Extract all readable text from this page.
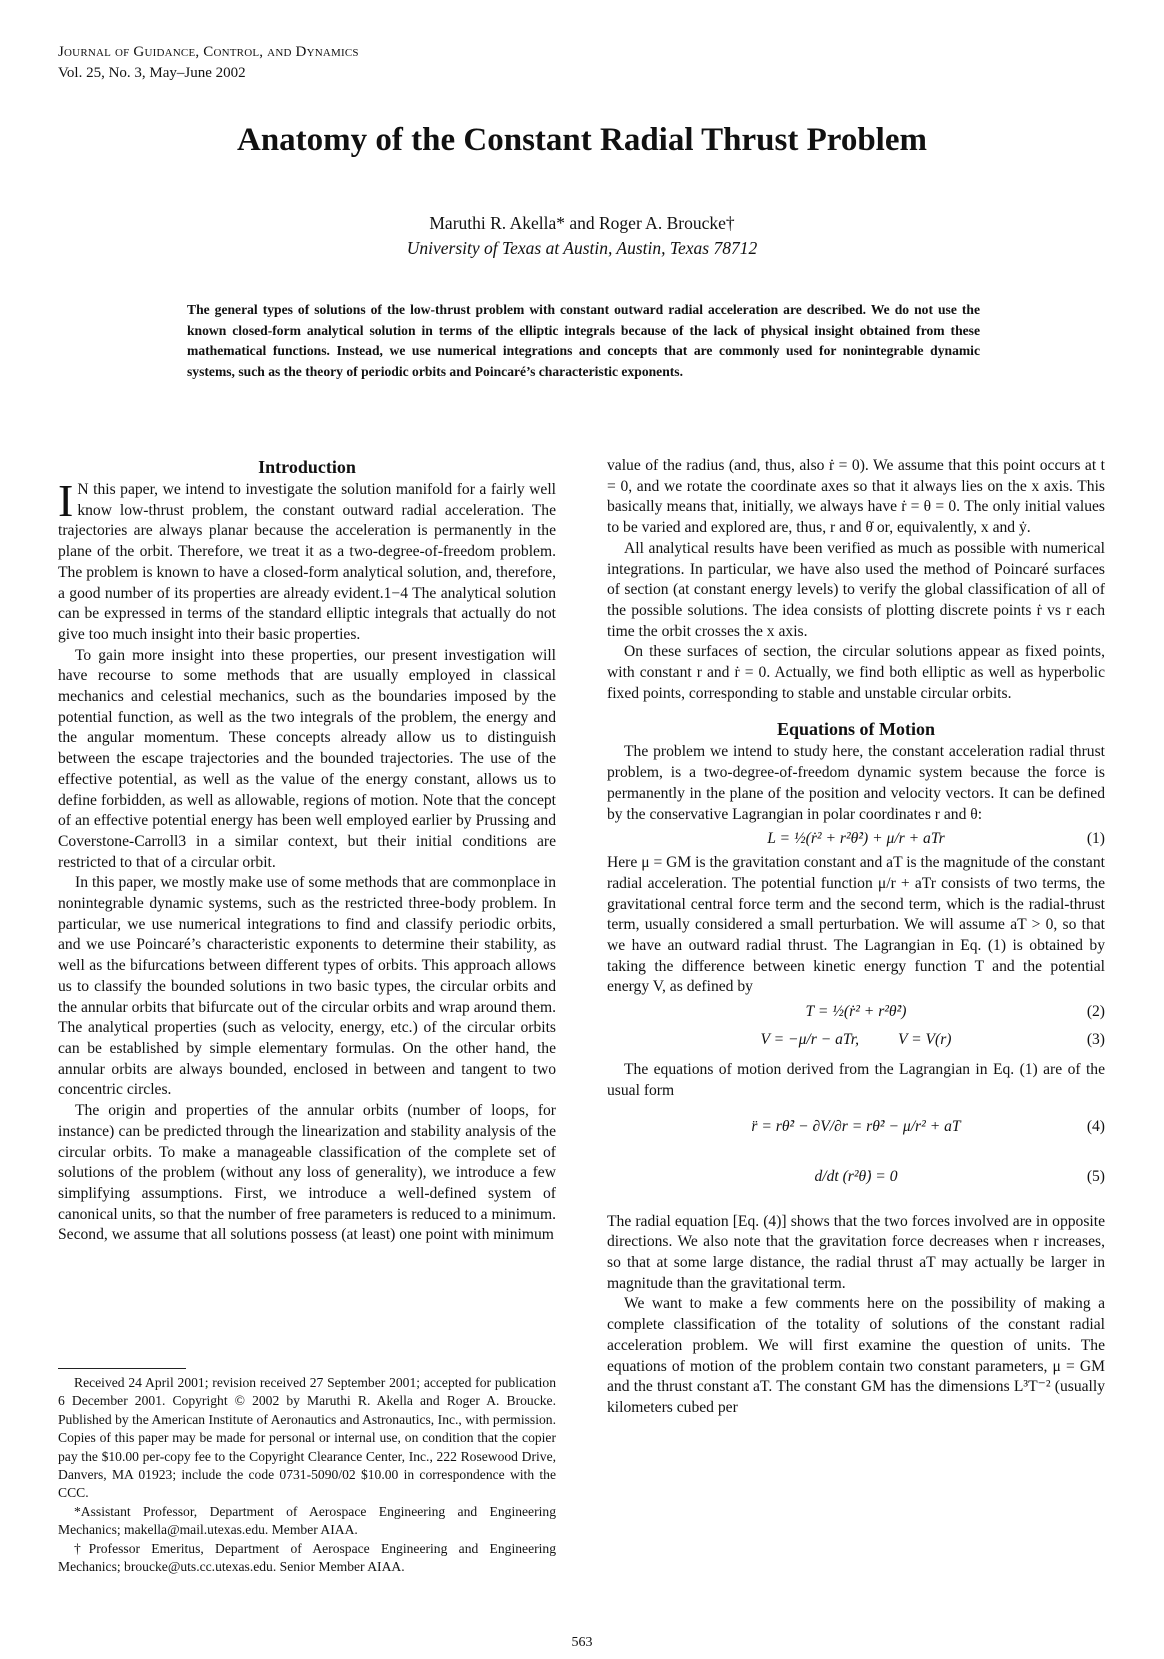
Journal of Guidance, Control, and Dynamics
Vol. 25, No. 3, May–June 2002
Anatomy of the Constant Radial Thrust Problem
Maruthi R. Akella* and Roger A. Broucke†
University of Texas at Austin, Austin, Texas 78712
The general types of solutions of the low-thrust problem with constant outward radial acceleration are described. We do not use the known closed-form analytical solution in terms of the elliptic integrals because of the lack of physical insight obtained from these mathematical functions. Instead, we use numerical integrations and concepts that are commonly used for nonintegrable dynamic systems, such as the theory of periodic orbits and Poincaré’s characteristic exponents.
Introduction

I N this paper, we intend to investigate the solution manifold for a fairly well know low-thrust problem, the constant outward radial acceleration. The trajectories are always planar because the acceleration is permanently in the plane of the orbit. Therefore, we treat it as a two-degree-of-freedom problem. The problem is known to have a closed-form analytical solution, and, therefore, a good number of its properties are already evident.1−4 The analytical solution can be expressed in terms of the standard elliptic integrals that actually do not give too much insight into their basic properties.

To gain more insight into these properties, our present investigation will have recourse to some methods that are usually employed in classical mechanics and celestial mechanics, such as the boundaries imposed by the potential function, as well as the two integrals of the problem, the energy and the angular momentum. These concepts already allow us to distinguish between the escape trajectories and the bounded trajectories. The use of the effective potential, as well as the value of the energy constant, allows us to define forbidden, as well as allowable, regions of motion. Note that the concept of an effective potential energy has been well employed earlier by Prussing and Coverstone-Carroll3 in a similar context, but their initial conditions are restricted to that of a circular orbit.

In this paper, we mostly make use of some methods that are commonplace in nonintegrable dynamic systems, such as the restricted three-body problem. In particular, we use numerical integrations to find and classify periodic orbits, and we use Poincaré’s characteristic exponents to determine their stability, as well as the bifurcations between different types of orbits. This approach allows us to classify the bounded solutions in two basic types, the circular orbits and the annular orbits that bifurcate out of the circular orbits and wrap around them. The analytical properties (such as velocity, energy, etc.) of the circular orbits can be established by simple elementary formulas. On the other hand, the annular orbits are always bounded, enclosed in between and tangent to two concentric circles.

The origin and properties of the annular orbits (number of loops, for instance) can be predicted through the linearization and stability analysis of the circular orbits. To make a manageable classification of the complete set of solutions of the problem (without any loss of generality), we introduce a few simplifying assumptions. First, we introduce a well-defined system of canonical units, so that the number of free parameters is reduced to a minimum. Second, we assume that all solutions possess (at least) one point with minimum

value of the radius (and, thus, also ṙ = 0). We assume that this point occurs at t = 0, and we rotate the coordinate axes so that it always lies on the x axis. This basically means that, initially, we always have ṙ = θ = 0. The only initial values to be varied and explored are, thus, r and θ̇ or, equivalently, x and ẏ.

All analytical results have been verified as much as possible with numerical integrations. In particular, we have also used the method of Poincaré surfaces of section (at constant energy levels) to verify the global classification of all of the possible solutions. The idea consists of plotting discrete points ṙ vs r each time the orbit crosses the x axis.

On these surfaces of section, the circular solutions appear as fixed points, with constant r and ṙ = 0. Actually, we find both elliptic as well as hyperbolic fixed points, corresponding to stable and unstable circular orbits.

Equations of Motion

The problem we intend to study here, the constant acceleration radial thrust problem, is a two-degree-of-freedom dynamic system because the force is permanently in the plane of the position and velocity vectors. It can be defined by the conservative Lagrangian in polar coordinates r and θ:

L = ½(ṙ² + r²θ̇²) + μ/r + aTr	(1)

Here μ = GM is the gravitation constant and aT is the magnitude of the constant radial acceleration. The potential function μ/r + aTr consists of two terms, the gravitational central force term and the second term, which is the radial-thrust term, usually considered a small perturbation. We will assume aT > 0, so that we have an outward radial thrust. The Lagrangian in Eq. (1) is obtained by taking the difference between kinetic energy function T and the potential energy V, as defined by

T = ½(ṙ² + r²θ̇²)	(2)
V = −μ/r − aTr,          V = V(r)	(3)

The equations of motion derived from the Lagrangian in Eq. (1) are of the usual form

r̈ = rθ̇² − ∂V/∂r = rθ̇² − μ/r² + aT	(4)
d/dt (r²θ̇) = 0	(5)

The radial equation [Eq. (4)] shows that the two forces involved are in opposite directions. We also note that the gravitation force decreases when r increases, so that at some large distance, the radial thrust aT may actually be larger in magnitude than the gravitational term.

We want to make a few comments here on the possibility of making a complete classification of the totality of solutions of the constant radial acceleration problem. We will first examine the question of units. The equations of motion of the problem contain two constant parameters, μ = GM and the thrust constant aT. The constant GM has the dimensions L³T⁻² (usually kilometers cubed per

Received 24 April 2001; revision received 27 September 2001; accepted for publication 6 December 2001. Copyright © 2002 by Maruthi R. Akella and Roger A. Broucke. Published by the American Institute of Aeronautics and Astronautics, Inc., with permission. Copies of this paper may be made for personal or internal use, on condition that the copier pay the $10.00 per-copy fee to the Copyright Clearance Center, Inc., 222 Rosewood Drive, Danvers, MA 01923; include the code 0731-5090/02 $10.00 in correspondence with the CCC.

*Assistant Professor, Department of Aerospace Engineering and Engineering Mechanics; makella@mail.utexas.edu. Member AIAA.

†Professor Emeritus, Department of Aerospace Engineering and Engineering Mechanics; broucke@uts.cc.utexas.edu. Senior Member AIAA.

563
